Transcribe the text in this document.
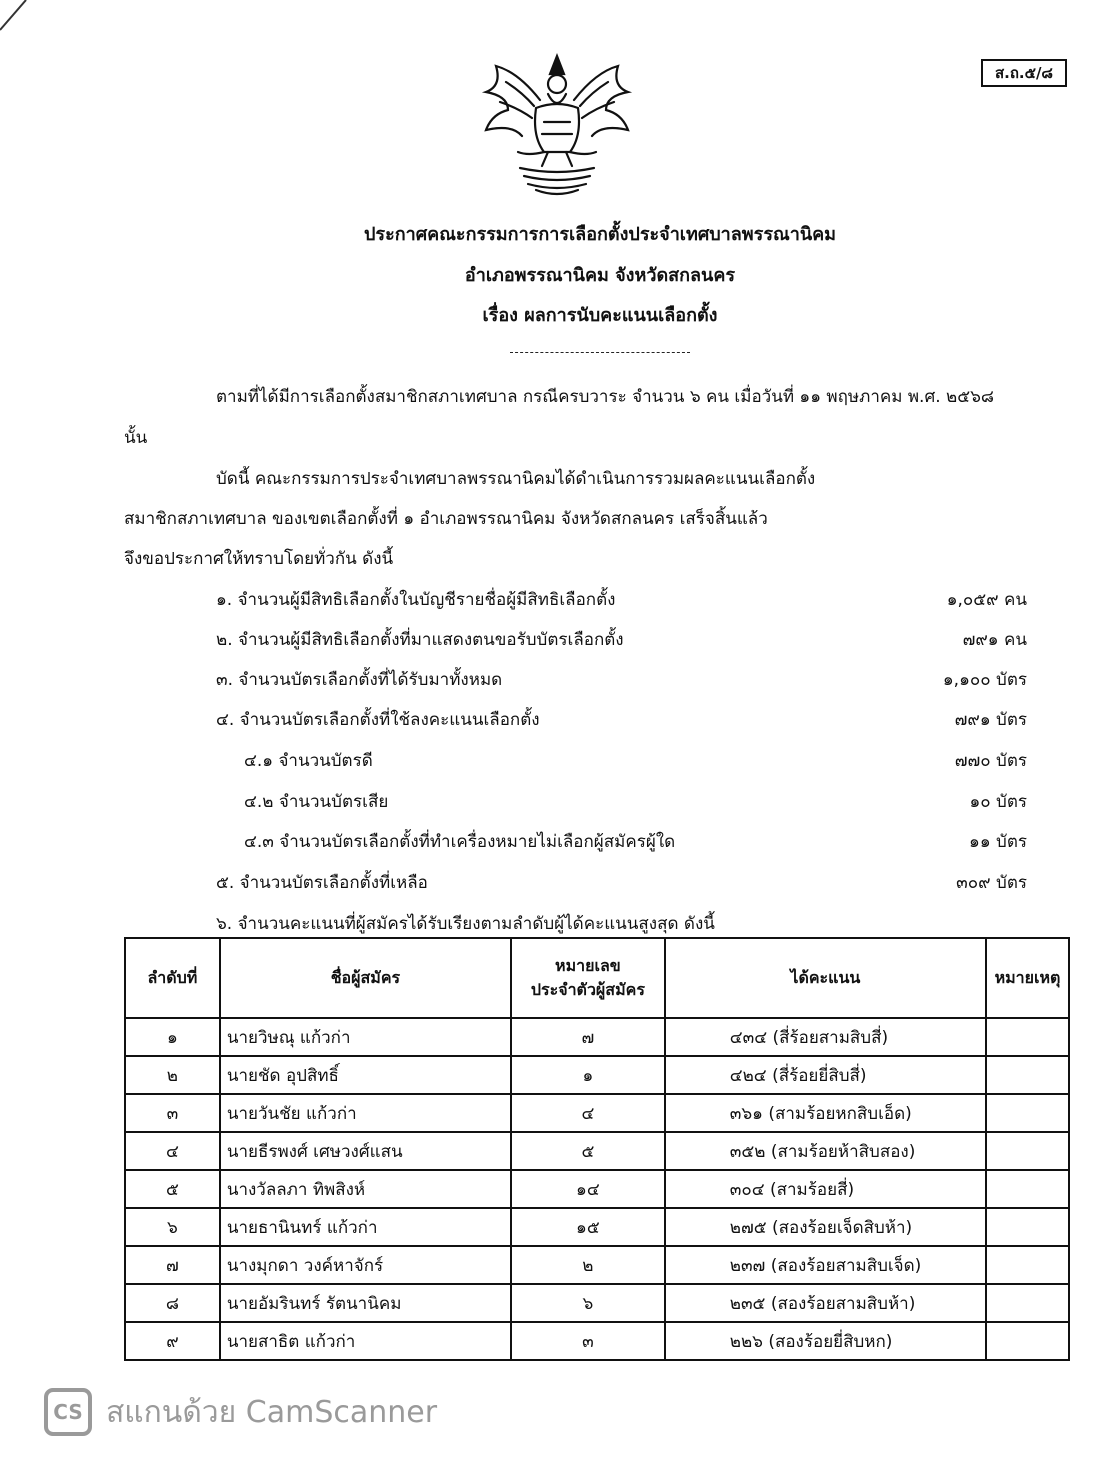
ส.ถ.๕/๘
ประกาศคณะกรรมการการเลือกตั้งประจำเทศบาลพรรณานิคม
อำเภอพรรณานิคม จังหวัดสกลนคร
เรื่อง ผลการนับคะแนนเลือกตั้ง
ตามที่ได้มีการเลือกตั้งสมาชิกสภาเทศบาล กรณีครบวาระ จำนวน ๖ คน เมื่อวันที่ ๑๑ พฤษภาคม พ.ศ. ๒๕๖๘
นั้น
บัดนี้ คณะกรรมการประจำเทศบาลพรรณานิคมได้ดำเนินการรวมผลคะแนนเลือกตั้ง
สมาชิกสภาเทศบาล ของเขตเลือกตั้งที่ ๑ อำเภอพรรณานิคม จังหวัดสกลนคร เสร็จสิ้นแล้ว
จึงขอประกาศให้ทราบโดยทั่วกัน ดังนี้
๑. จำนวนผู้มีสิทธิเลือกตั้งในบัญชีรายชื่อผู้มีสิทธิเลือกตั้ง	๑,๐๕๙ คน
๒. จำนวนผู้มีสิทธิเลือกตั้งที่มาแสดงตนขอรับบัตรเลือกตั้ง	๗๙๑ คน
๓. จำนวนบัตรเลือกตั้งที่ได้รับมาทั้งหมด	๑,๑๐๐ บัตร
๔. จำนวนบัตรเลือกตั้งที่ใช้ลงคะแนนเลือกตั้ง	๗๙๑ บัตร
๔.๑ จำนวนบัตรดี	๗๗๐ บัตร
๔.๒ จำนวนบัตรเสีย	๑๐ บัตร
๔.๓ จำนวนบัตรเลือกตั้งที่ทำเครื่องหมายไม่เลือกผู้สมัครผู้ใด	๑๑ บัตร
๕. จำนวนบัตรเลือกตั้งที่เหลือ	๓๐๙ บัตร
๖. จำนวนคะแนนที่ผู้สมัครได้รับเรียงตามลำดับผู้ได้คะแนนสูงสุด ดังนี้
ลำดับที่	ชื่อผู้สมัคร	หมายเลข
ประจำตัวผู้สมัคร	ได้คะแนน	หมายเหตุ
๑	นายวิษณุ แก้วก่า	๗	๔๓๔ (สี่ร้อยสามสิบสี่)	
๒	นายชัด อุปสิทธิ์	๑	๔๒๔ (สี่ร้อยยี่สิบสี่)	
๓	นายวันชัย แก้วก่า	๔	๓๖๑ (สามร้อยหกสิบเอ็ด)	
๔	นายธีรพงศ์ เศษวงศ์แสน	๕	๓๕๒ (สามร้อยห้าสิบสอง)	
๕	นางวัลลภา ทิพสิงห์	๑๔	๓๐๔ (สามร้อยสี่)	
๖	นายธานินทร์ แก้วก่า	๑๕	๒๗๕ (สองร้อยเจ็ดสิบห้า)	
๗	นางมุกดา วงค์หาจักร์	๒	๒๓๗ (สองร้อยสามสิบเจ็ด)	
๘	นายอัมรินทร์ รัตนานิคม	๖	๒๓๕ (สองร้อยสามสิบห้า)	
๙	นายสาธิต แก้วก่า	๓	๒๒๖ (สองร้อยยี่สิบหก)	
CS สแกนด้วย CamScanner
